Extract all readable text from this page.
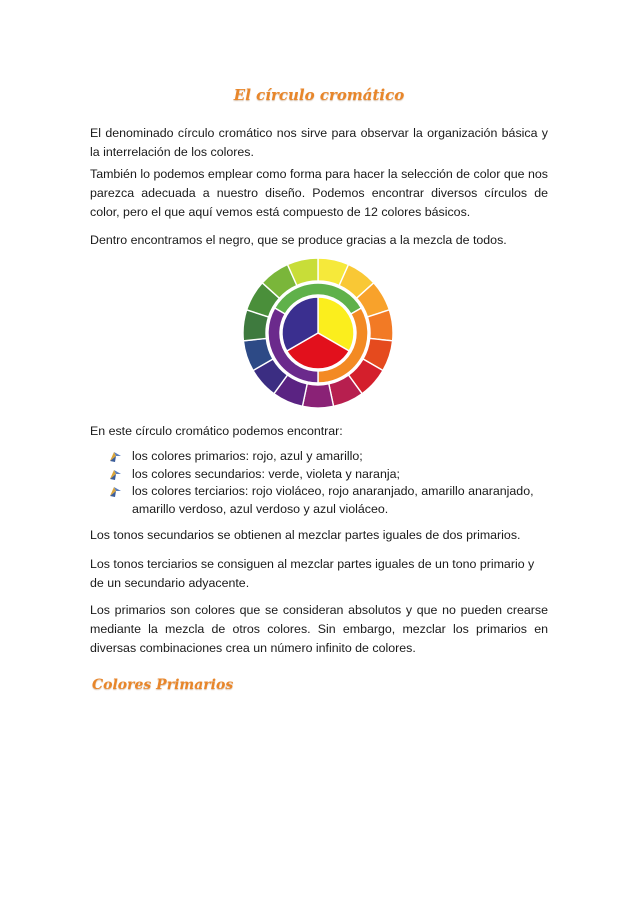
El círculo cromático

El denominado círculo cromático nos sirve para observar la organización básica y la interrelación de los colores.

También lo podemos emplear como forma para hacer la selección de color que nos parezca adecuada a nuestro diseño. Podemos encontrar diversos círculos de color, pero el que aquí vemos está compuesto de 12 colores básicos.

Dentro encontramos el negro, que se produce gracias a la mezcla de todos.

En este círculo cromático podemos encontrar:

los colores primarios: rojo, azul y amarillo;
los colores secundarios: verde, violeta y naranja;
los colores terciarios: rojo violáceo, rojo anaranjado, amarillo anaranjado, amarillo verdoso, azul verdoso y azul violáceo.

Los tonos secundarios se obtienen al mezclar partes iguales de dos primarios.

Los tonos terciarios se consiguen al mezclar partes iguales de un tono primario y de un secundario adyacente.

Los primarios son colores que se consideran absolutos y que no pueden crearse mediante la mezcla de otros colores. Sin embargo, mezclar los primarios en diversas combinaciones crea un número infinito de colores.

Colores Primarios
